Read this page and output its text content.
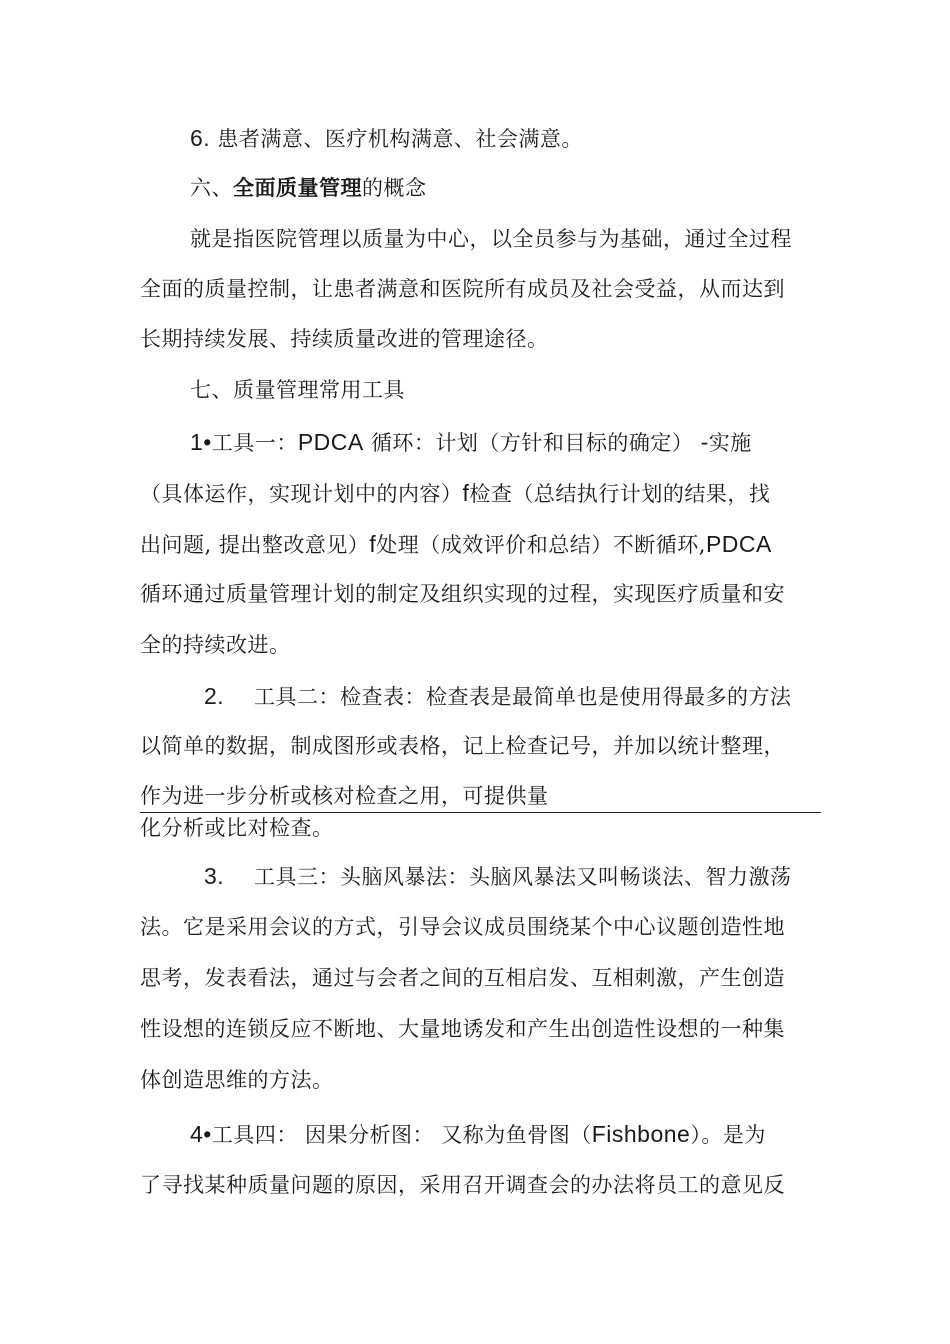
6. 患者满意、医疗机构满意、社会满意。
六、全面质量管理的概念
就是指医院管理以质量为中心，以全员参与为基础，通过全过程
全面的质量控制，让患者满意和医院所有成员及社会受益，从而达到
长期持续发展、持续质量改进的管理途径。
七、质量管理常用工具
1•工具一：PDCA 循环：计划（方针和目标的确定） -实施
（具体运作，实现计划中的内容）f检查（总结执行计划的结果，找
出问题, 提出整改意见）f处理（成效评价和总结）不断循环,PDCA
循环通过质量管理计划的制定及组织实现的过程，实现医疗质量和安
全的持续改进。
2. 工具二：检查表：检查表是最简单也是使用得最多的方法
以简单的数据，制成图形或表格，记上检查记号，并加以统计整理，
作为进一步分析或核对检查之用，可提供量
化分析或比对检查。
3. 工具三：头脑风暴法：头脑风暴法又叫畅谈法、智力激荡
法。它是采用会议的方式，引导会议成员围绕某个中心议题创造性地
思考，发表看法，通过与会者之间的互相启发、互相刺激，产生创造
性设想的连锁反应不断地、大量地诱发和产生出创造性设想的一种集
体创造思维的方法。
4•工具四： 因果分析图： 又称为鱼骨图（Fishbone）。是为
了寻找某种质量问题的原因，采用召开调查会的办法将员工的意见反
